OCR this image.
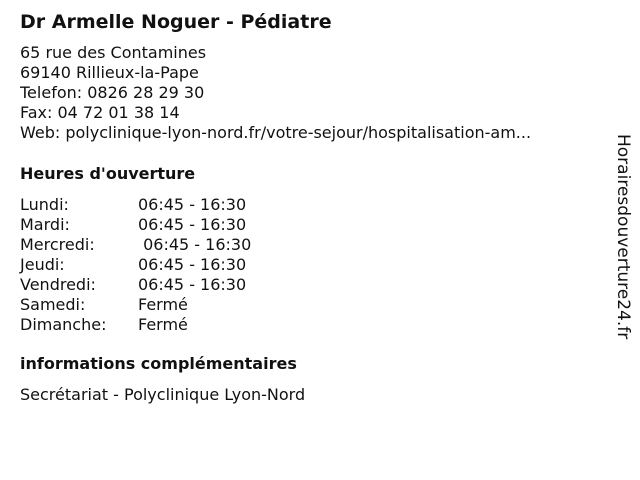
Dr Armelle Noguer - Pédiatre
65 rue des Contamines
69140 Rillieux-la-Pape
Telefon: 0826 28 29 30
Fax: 04 72 01 38 14
Web: polyclinique-lyon-nord.fr/votre-sejour/hospitalisation-am...
Heures d'ouverture
Lundi:	06:45 - 16:30
Mardi:	06:45 - 16:30
Mercredi:	06:45 - 16:30
Jeudi:	06:45 - 16:30
Vendredi:	06:45 - 16:30
Samedi:	Fermé
Dimanche:	Fermé
informations complémentaires
Secrétariat - Polyclinique Lyon-Nord
Horairesdouverture24.fr
